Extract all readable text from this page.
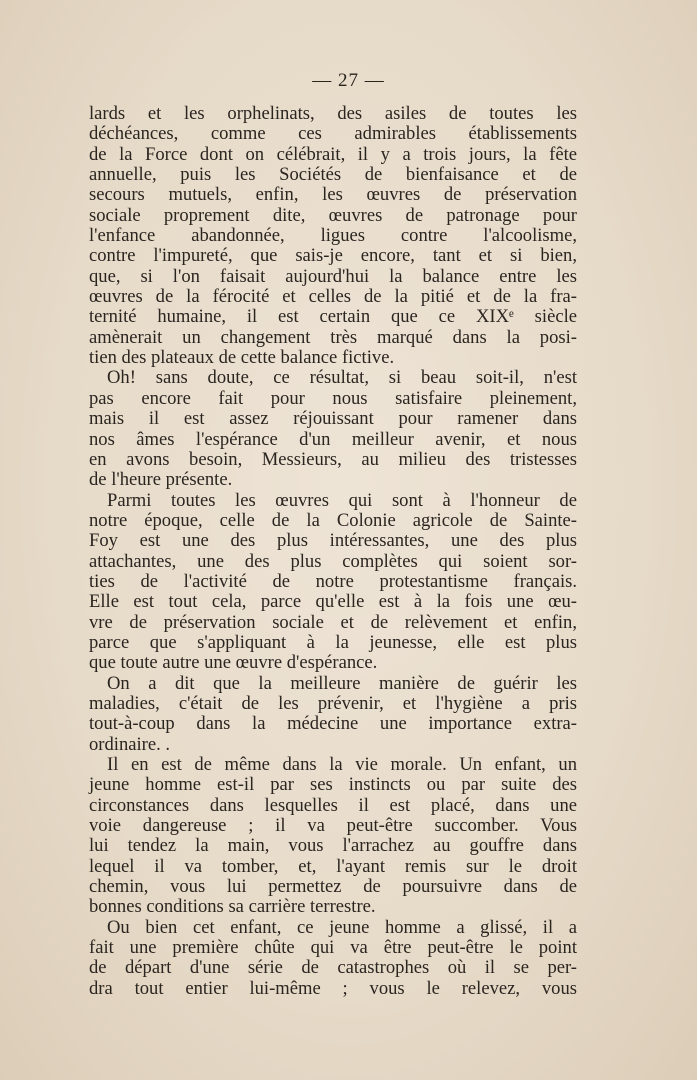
— 27 —
lards et les orphelinats, des asiles de toutes les
déchéances, comme ces admirables établissements
de la Force dont on célébrait, il y a trois jours, la fête
annuelle, puis les Sociétés de bienfaisance et de
secours mutuels, enfin, les œuvres de préservation
sociale proprement dite, œuvres de patronage pour
l'enfance abandonnée, ligues contre l'alcoolisme,
contre l'impureté, que sais-je encore, tant et si bien,
que, si l'on faisait aujourd'hui la balance entre les
œuvres de la férocité et celles de la pitié et de la fra-
ternité humaine, il est certain que ce XIXᵉ siècle
amènerait un changement très marqué dans la posi-
tien des plateaux de cette balance fictive.
Oh! sans doute, ce résultat, si beau soit-il, n'est
pas encore fait pour nous satisfaire pleinement,
mais il est assez réjouissant pour ramener dans
nos âmes l'espérance d'un meilleur avenir, et nous
en avons besoin, Messieurs, au milieu des tristesses
de l'heure présente.
Parmi toutes les œuvres qui sont à l'honneur de
notre époque, celle de la Colonie agricole de Sainte-
Foy est une des plus intéressantes, une des plus
attachantes, une des plus complètes qui soient sor-
ties de l'activité de notre protestantisme français.
Elle est tout cela, parce qu'elle est à la fois une œu-
vre de préservation sociale et de relèvement et enfin,
parce que s'appliquant à la jeunesse, elle est plus
que toute autre une œuvre d'espérance.
On a dit que la meilleure manière de guérir les
maladies, c'était de les prévenir, et l'hygiène a pris
tout-à-coup dans la médecine une importance extra-
ordinaire. .
Il en est de même dans la vie morale. Un enfant, un
jeune homme est-il par ses instincts ou par suite des
circonstances dans lesquelles il est placé, dans une
voie dangereuse ; il va peut-être succomber. Vous
lui tendez la main, vous l'arrachez au gouffre dans
lequel il va tomber, et, l'ayant remis sur le droit
chemin, vous lui permettez de poursuivre dans de
bonnes conditions sa carrière terrestre.
Ou bien cet enfant, ce jeune homme a glissé, il a
fait une première chûte qui va être peut-être le point
de départ d'une série de catastrophes où il se per-
dra tout entier lui-même ; vous le relevez, vous
